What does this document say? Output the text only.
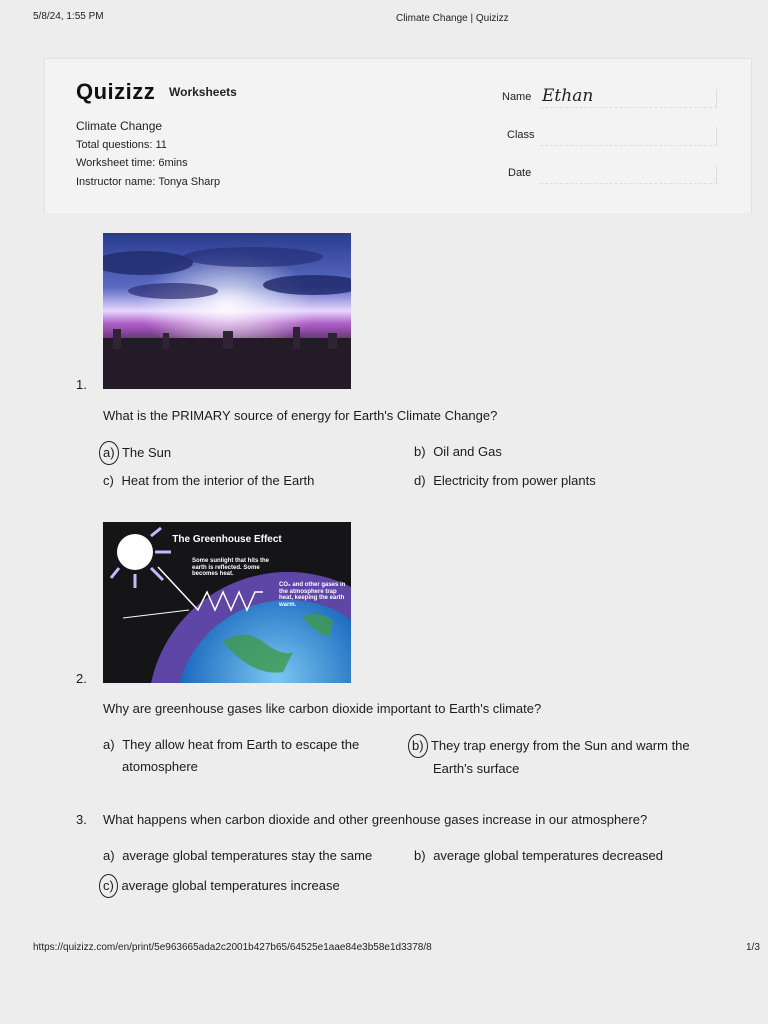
5/8/24, 1:55 PM	Climate Change | Quizizz
Quizizz Worksheets
Climate Change
Total questions: 11
Worksheet time: 6mins
Instructor name: Tonya Sharp
Name Ethan
Class
Date
1.
What is the PRIMARY source of energy for Earth's Climate Change?
a) The Sun	b) Oil and Gas
c) Heat from the interior of the Earth	d) Electricity from power plants
The Greenhouse Effect
Some sunlight that hits the earth is reflected. Some becomes heat.
CO₂ and other gases in the atmosphere trap heat, keeping the earth warm.
2.
Why are greenhouse gases like carbon dioxide important to Earth's climate?
a) They allow heat from Earth to escape the
atomosphere
b) They trap energy from the Sun and warm the
Earth's surface
3. What happens when carbon dioxide and other greenhouse gases increase in our atmosphere?
a) average global temperatures stay the same	b) average global temperatures decreased
c) average global temperatures increase
https://quizizz.com/en/print/5e963665ada2c2001b427b65/64525e1aae84e3b58e1d3378/8	1/3
